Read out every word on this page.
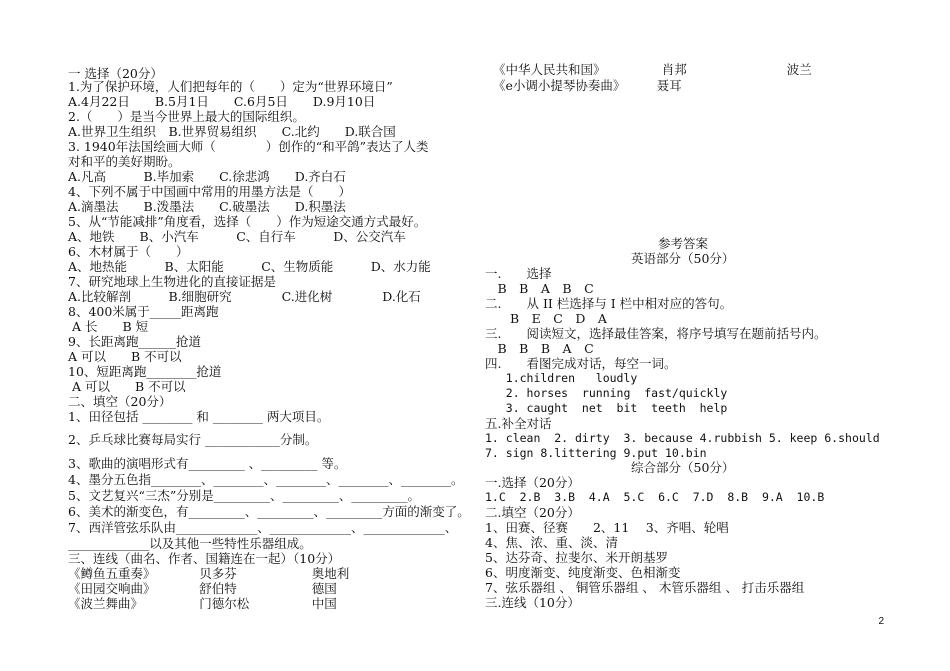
一 选择（20分）
1.为了保护环境，人们把每年的（　　）定为“世界环境日”
A.4月22日　　B.5月1日　　C.6月5日　　D.9月10日
2.（　　）是当今世界上最大的国际组织。
A.世界卫生组织　B.世界贸易组织　　C.北约　　D.联合国
3. 1940年法国绘画大师（　　　　）创作的“和平鸽”表达了人类
对和平的美好期盼。
A.凡高　　　B.毕加索　　C.徐悲鸿　　D.齐白石
4、下列不属于中国画中常用的用墨方法是（　　）
A.滴墨法　　B.泼墨法　　C.破墨法　　D.积墨法
5、从“节能减排”角度看，选择（　　）作为短途交通方式最好。
A、地铁　　B、小汽车　　　C、自行车　　　D、公交汽车
6、木材属于（　　）
A、地热能　　　B、太阳能　　　C、生物质能　　　D、水力能
7、研究地球上生物进化的直接证据是
A.比较解剖　　　B.细胞研究　　　　C.进化树　　　　D.化石
8、400米属于_____距离跑
A 长　　B 短
9、长距离跑______抢道
A 可以　　B 不可以
10、短距离跑________抢道
A 可以　　B 不可以
二、填空（20分）
1、田径包括 ________ 和 ________ 两大项目。
2、乒乓球比赛每局实行 ____________分制。
3、歌曲的演唱形式有_________ 、_________ 等。
4、墨分五色指________、________、________、________、________。
5、文艺复兴“三杰”分别是_________、_________、_________。
6、美术的渐变色，有_________、_________、_________方面的渐变了。
7、西洋管弦乐队由_____________、_____________、_____________、
_____________以及其他一些特性乐器组成。
三、连线（曲名、作者、国籍连在一起）（10分）
《鳟鱼五重奏》　　　　贝多芬　　　　　　奥地利
《田园交响曲》　　　　舒伯特　　　　　　德国
《波兰舞曲》　　　　　门德尔松　　　　　中国
《中华人民共和国》　　　　　肖邦　　　　　　　　波兰
《e小调小提琴协奏曲》　　　聂耳
参考答案
英语部分（50分）
一.　　选择
　B　B　A　B　C
二.　　从 II 栏选择与 I 栏中相对应的答句。
　　B　E　C　D　A
三.　　阅读短文，选择最佳答案，将序号填写在题前括号内。
　B　B　B　A　C
四.　　看图完成对话，每空一词。
1.children   loudly
2. horses  running  fast/quickly
3. caught  net  bit  teeth  help
五.补全对话
1. clean  2. dirty  3. because 4.rubbish 5. keep 6.should
7. sign 8.littering 9.put 10.bin
综合部分（50分）
一.选择（20分）
1.C  2.B  3.B  4.A  5.C  6.C  7.D  8.B  9.A  10.B
二.填空（20分）
1、田赛、径赛　　2、11　 3、齐唱、轮唱
4、焦、浓、重、淡、清
5、达芬奇、拉斐尔、米开朗基罗
6、明度渐变、纯度渐变、色相渐变
7、弦乐器组 、 铜管乐器组 、 木管乐器组 、 打击乐器组
三.连线（10分）
2
